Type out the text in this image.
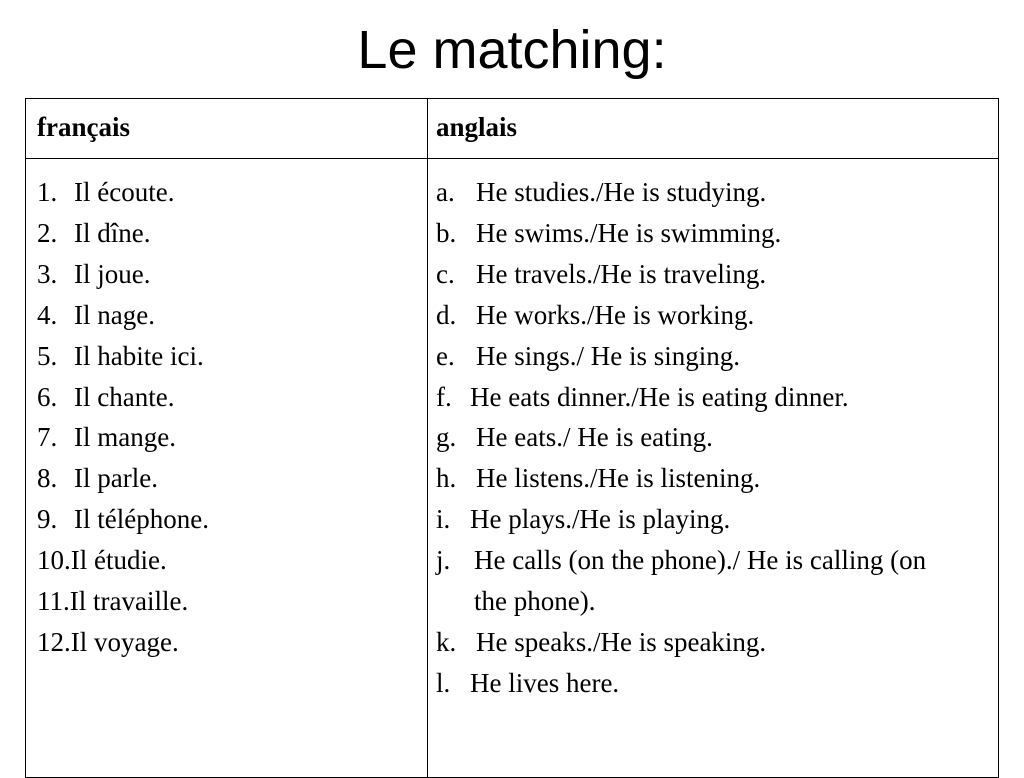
Le matching:
français	anglais
1. Il écoute.
2. Il dîne.
3. Il joue.
4. Il nage.
5. Il habite ici.
6. Il chante.
7. Il mange.
8. Il parle.
9. Il téléphone.
10. Il étudie.
11. Il travaille.
12. Il voyage.
a. He studies./He is studying.
b. He swims./He is swimming.
c. He travels./He is traveling.
d. He works./He is working.
e. He sings./ He is singing.
f. He eats dinner./He is eating dinner.
g. He eats./ He is eating.
h. He listens./He is listening.
i. He plays./He is playing.
j. He calls (on the phone)./ He is calling (on the phone).
k. He speaks./He is speaking.
l. He lives here.
